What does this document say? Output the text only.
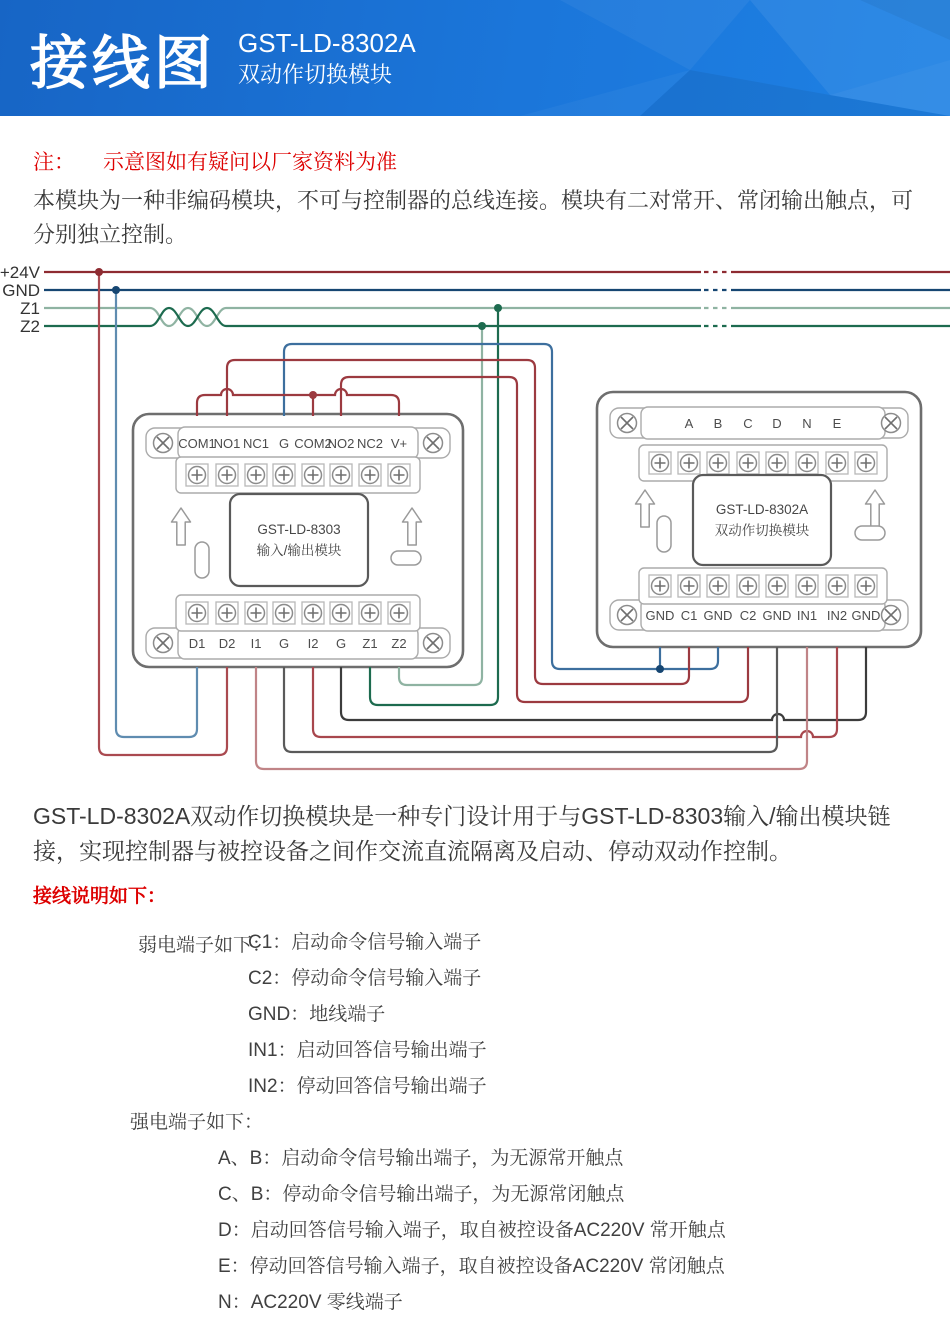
接线图 GST-LD-8302A
双动作切换模块
注： 示意图如有疑问以厂家资料为准

本模块为一种非编码模块，不可与控制器的总线连接。模块有二对常开、常闭输出触点，可分别独立控制。

+24V
GND
Z1
Z2
COM1
NO1 NC1 G COM2
NO2 NC2 V+
D1 D2 I1 G I2 G Z1 Z2
GST-LD-8303
输入/输出模块
A B C D N E
GND C1 GND C2 GND IN1 IN2 GND
GST-LD-8302A
双动作切换模块

GST-LD-8302A双动作切换模块是一种专门设计用于与GST-LD-8303输入/输出模块链接，实现控制器与被控设备之间作交流直流隔离及启动、停动双动作控制。

接线说明如下：
弱电端子如下：
C1：启动命令信号输入端子
C2：停动命令信号输入端子
GND：地线端子
IN1：启动回答信号输出端子
IN2：停动回答信号输出端子
强电端子如下：
A、B：启动命令信号输出端子，为无源常开触点
C、B：停动命令信号输出端子，为无源常闭触点
D：启动回答信号输入端子，取自被控设备AC220V 常开触点
E：停动回答信号输入端子，取自被控设备AC220V 常闭触点
N：AC220V 零线端子
